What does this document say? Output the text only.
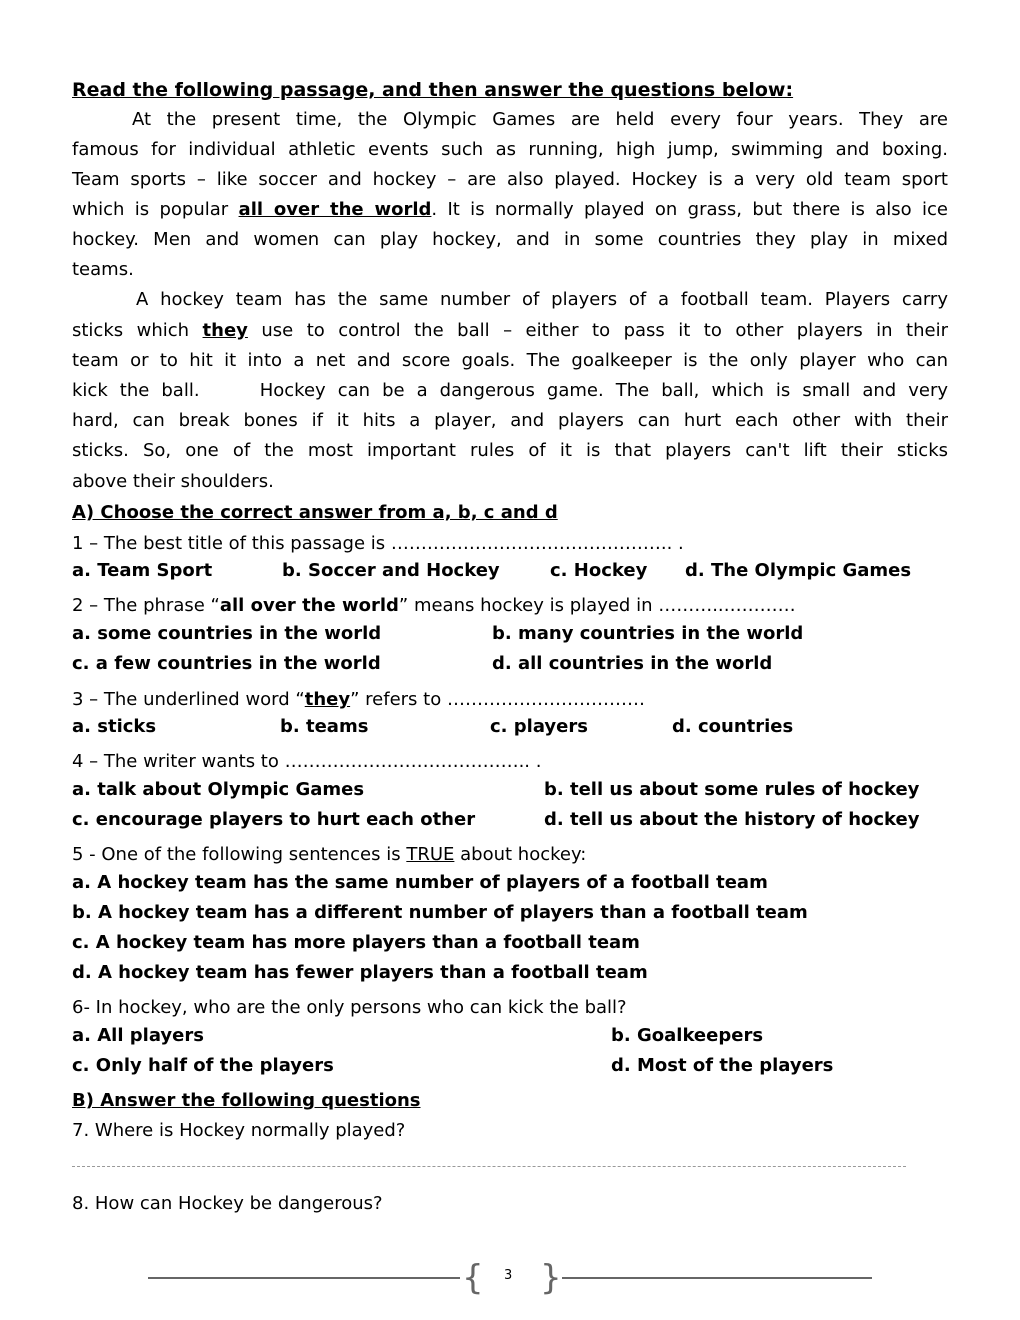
Read the following passage, and then answer the questions below:
At the present time, the Olympic Games are held every four years. They are
famous for individual athletic events such as running, high jump, swimming and boxing.
Team sports – like soccer and hockey – are also played. Hockey is a very old team sport
which is popular all over the world. It is normally played on grass, but there is also ice
hockey. Men and women can play hockey, and in some countries they play in mixed
teams.
A hockey team has the same number of players of a football team. Players carry
sticks which they use to control the ball – either to pass it to other players in their
team or to hit it into a net and score goals. The goalkeeper is the only player who can
kick the ball.     Hockey can be a dangerous game. The ball, which is small and very
hard, can break bones if it hits a player, and players can hurt each other with their
sticks. So, one of the most important rules of it is that players can't lift their sticks
above their shoulders.
A) Choose the correct answer from a, b, c and d
1 – The best title of this passage is ……………………………………….. .
a. Team Sport	b. Soccer and Hockey	c. Hockey d. The Olympic Games
2 – The phrase “all over the world” means hockey is played in ………..…………
a. some countries in the world	b. many countries in the world
c. a few countries in the world	d. all countries in the world
3 – The underlined word “they” refers to ……………………………
a. sticks	b. teams	c. players	d. countries
4 – The writer wants to ………………………………….. .
a. talk about Olympic Games	b. tell us about some rules of hockey
c. encourage players to hurt each other	d. tell us about the history of hockey
5 - One of the following sentences is TRUE about hockey:
a. A hockey team has the same number of players of a football team
b. A hockey team has a different number of players than a football team
c. A hockey team has more players than a football team
d. A hockey team has fewer players than a football team
6- In hockey, who are the only persons who can kick the ball?
a. All players	b. Goalkeepers
c. Only half of the players	d. Most of the players
B) Answer the following questions
7. Where is Hockey normally played?
8. How can Hockey be dangerous?
{ 3 }
